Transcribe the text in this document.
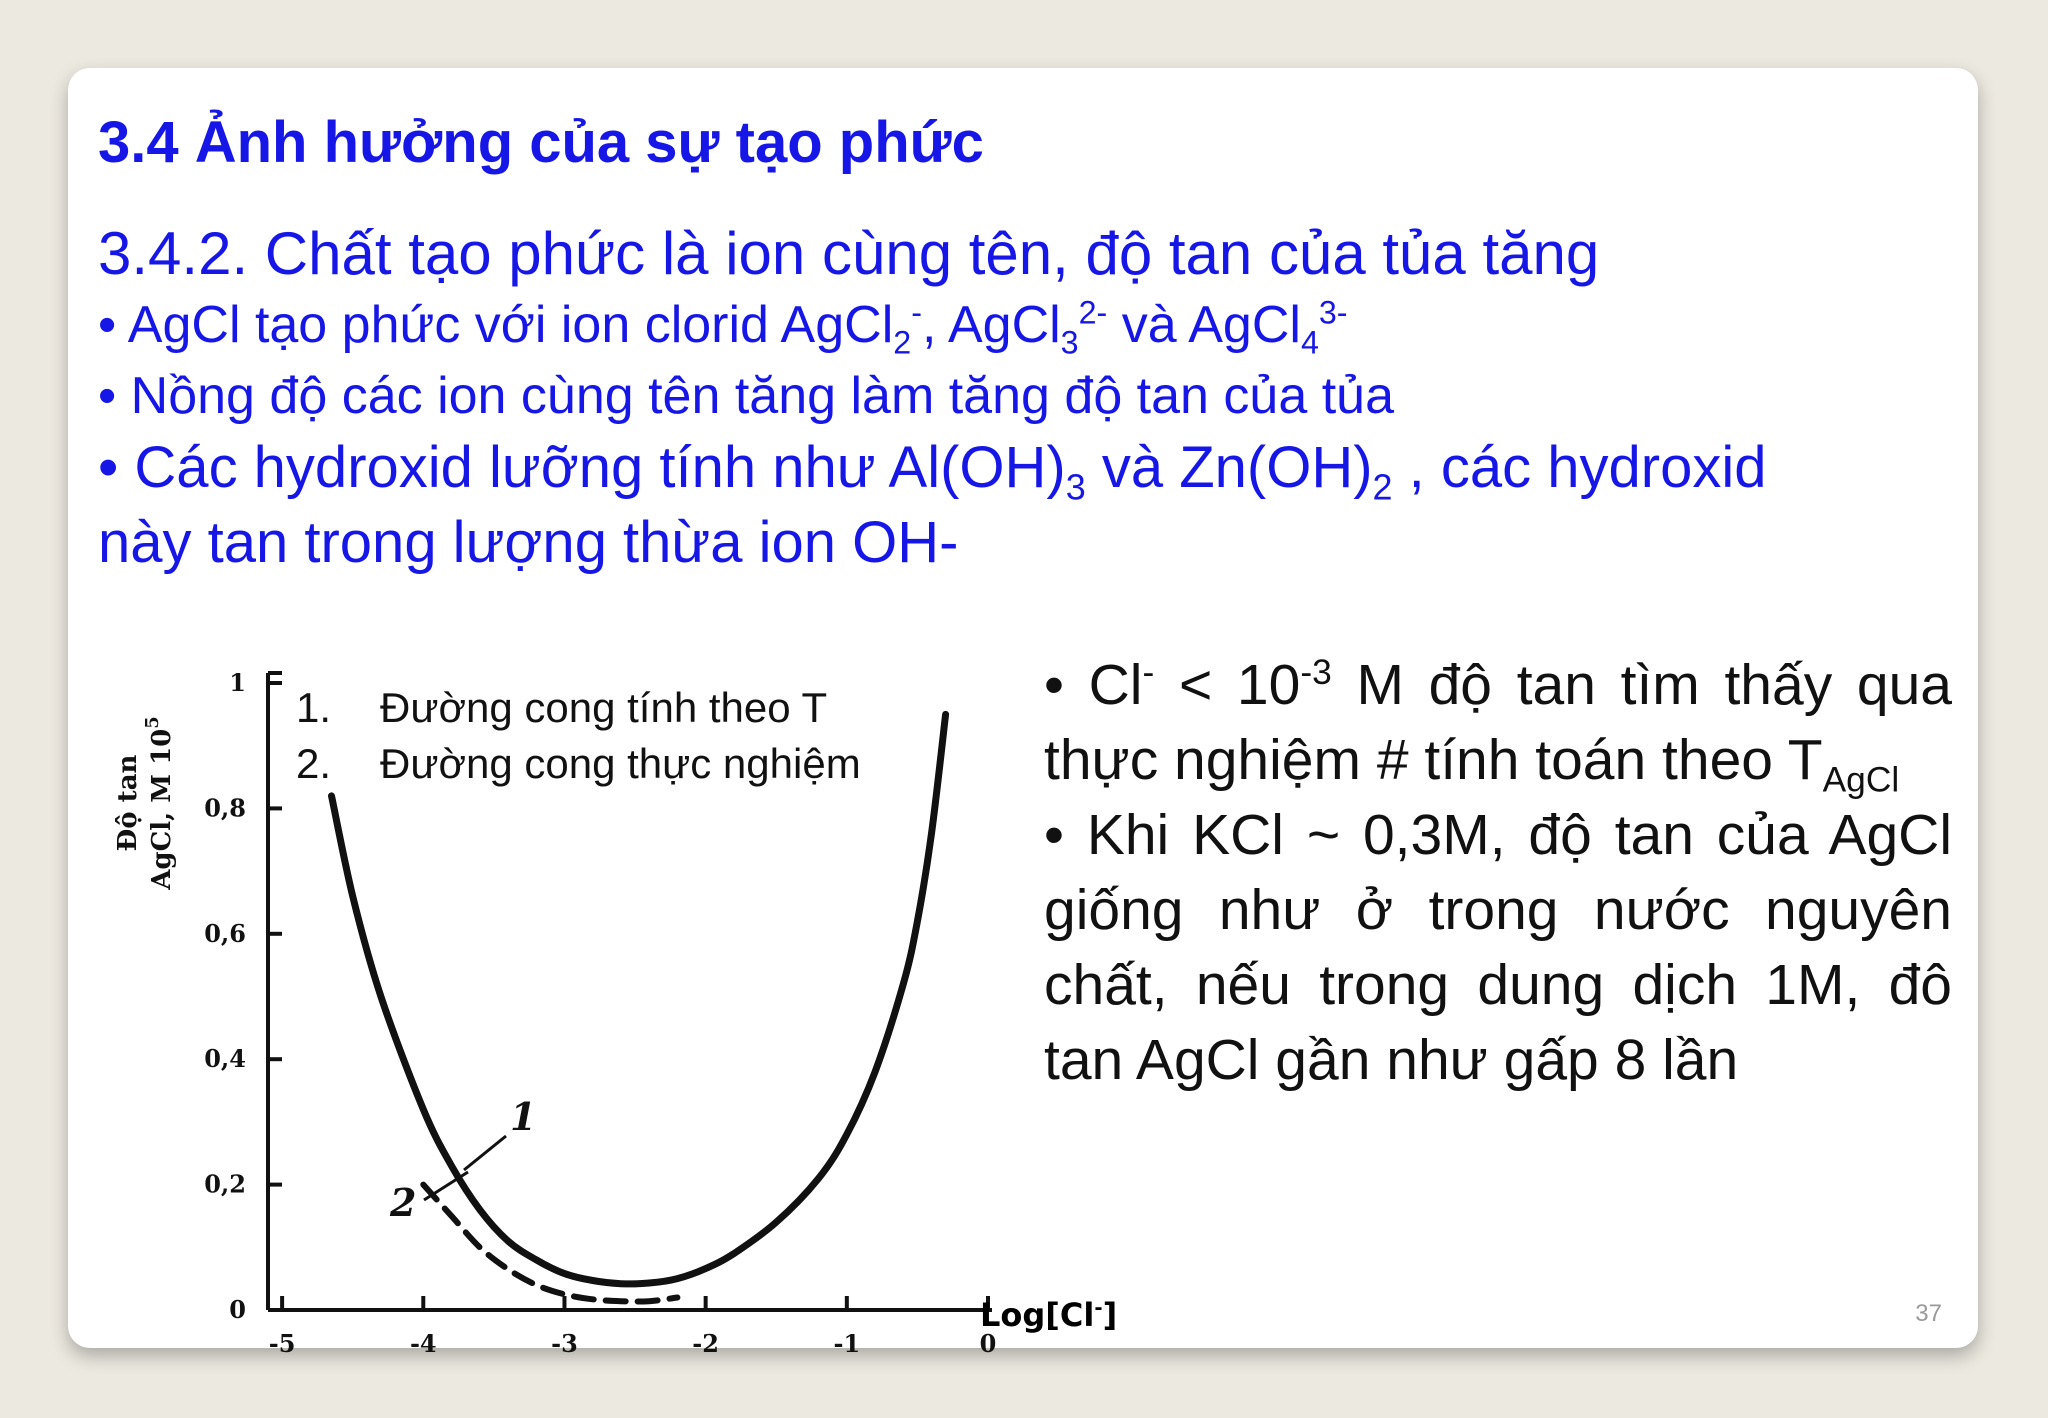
3.4 Ảnh hưởng của sự tạo phức

3.4.2. Chất tạo phức là ion cùng tên, độ tan của tủa tăng

• AgCl tạo phức với ion clorid AgCl$_2$-, AgCl$_3^{2-}$ và AgCl$_4^{3-}$

• Nồng độ các ion cùng tên tăng làm tăng độ tan của tủa

• Các hydroxid lưỡng tính như $Al(OH)_3$ và $Zn(OH)_2$ , các hydroxid

này tan trong lượng thừa ion OH-

Độ tan AgCl, M $10^5$
0
0,2
0,4
0,6
0,8
1
-5	-4	-3	-2	-1	0
1. Đường cong tính theo T
2. Đường cong thực nghiệm
1
2
Log[Cl-]

• $Cl^- < 10^{-3}$ M độ tan tìm thấy qua thực nghiệm # tính toán theo $T_{AgCl}$

• Khi KCl ~ 0,3M, độ tan của AgCl giống như ở trong nước nguyên chất, nếu trong dung dịch 1M, đô tan AgCl gần như gấp 8 lần

37
